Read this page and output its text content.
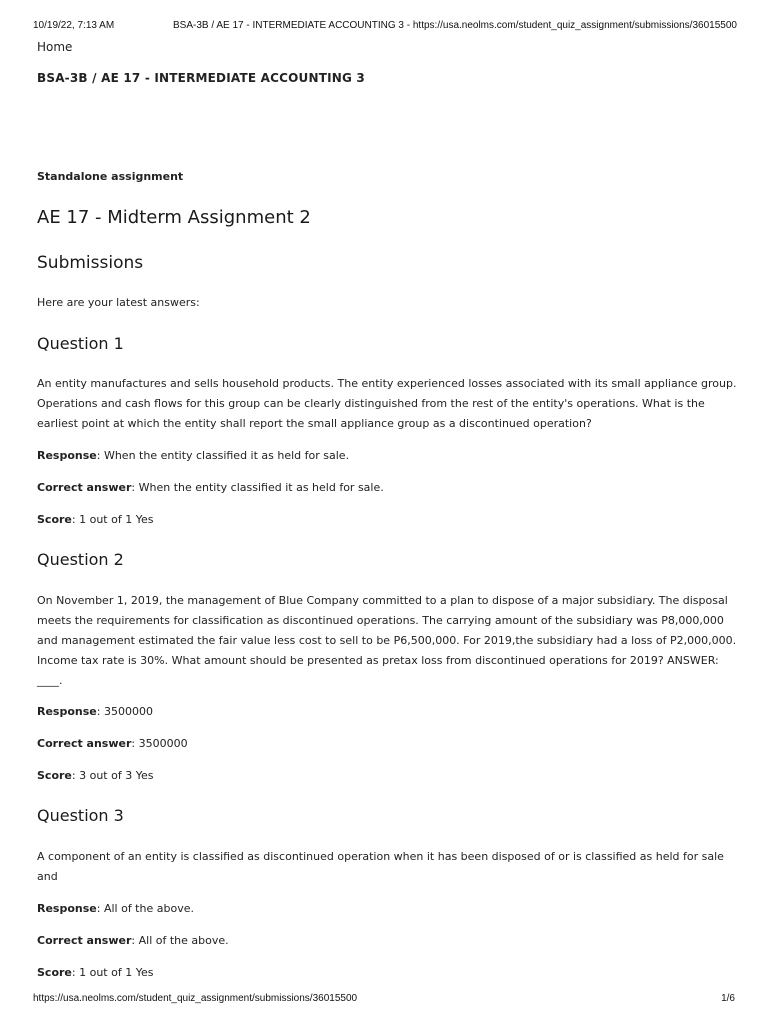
10/19/22, 7:13 AM	BSA-3B / AE 17 - INTERMEDIATE ACCOUNTING 3 - https://usa.neolms.com/student_quiz_assignment/submissions/36015500
Home
BSA-3B / AE 17 - INTERMEDIATE ACCOUNTING 3
Standalone assignment
AE 17 - Midterm Assignment 2
Submissions
Here are your latest answers:
Question 1

An entity manufactures and sells household products. The entity experienced losses associated with its small appliance group. Operations and cash flows for this group can be clearly distinguished from the rest of the entity's operations. What is the earliest point at which the entity shall report the small appliance group as a discontinued operation?

Response: When the entity classified it as held for sale.
Correct answer: When the entity classified it as held for sale.
Score: 1 out of 1 Yes
Question 2

On November 1, 2019, the management of Blue Company committed to a plan to dispose of a major subsidiary. The disposal meets the requirements for classification as discontinued operations. The carrying amount of the subsidiary was P8,000,000 and management estimated the fair value less cost to sell to be P6,500,000. For 2019,the subsidiary had a loss of P2,000,000. Income tax rate is 30%. What amount should be presented as pretax loss from discontinued operations for 2019? ANSWER: ____.

Response: 3500000
Correct answer: 3500000
Score: 3 out of 3 Yes
Question 3

A component of an entity is classified as discontinued operation when it has been disposed of or is classified as held for sale and

Response: All of the above.
Correct answer: All of the above.
Score: 1 out of 1 Yes
https://usa.neolms.com/student_quiz_assignment/submissions/36015500	1/6
